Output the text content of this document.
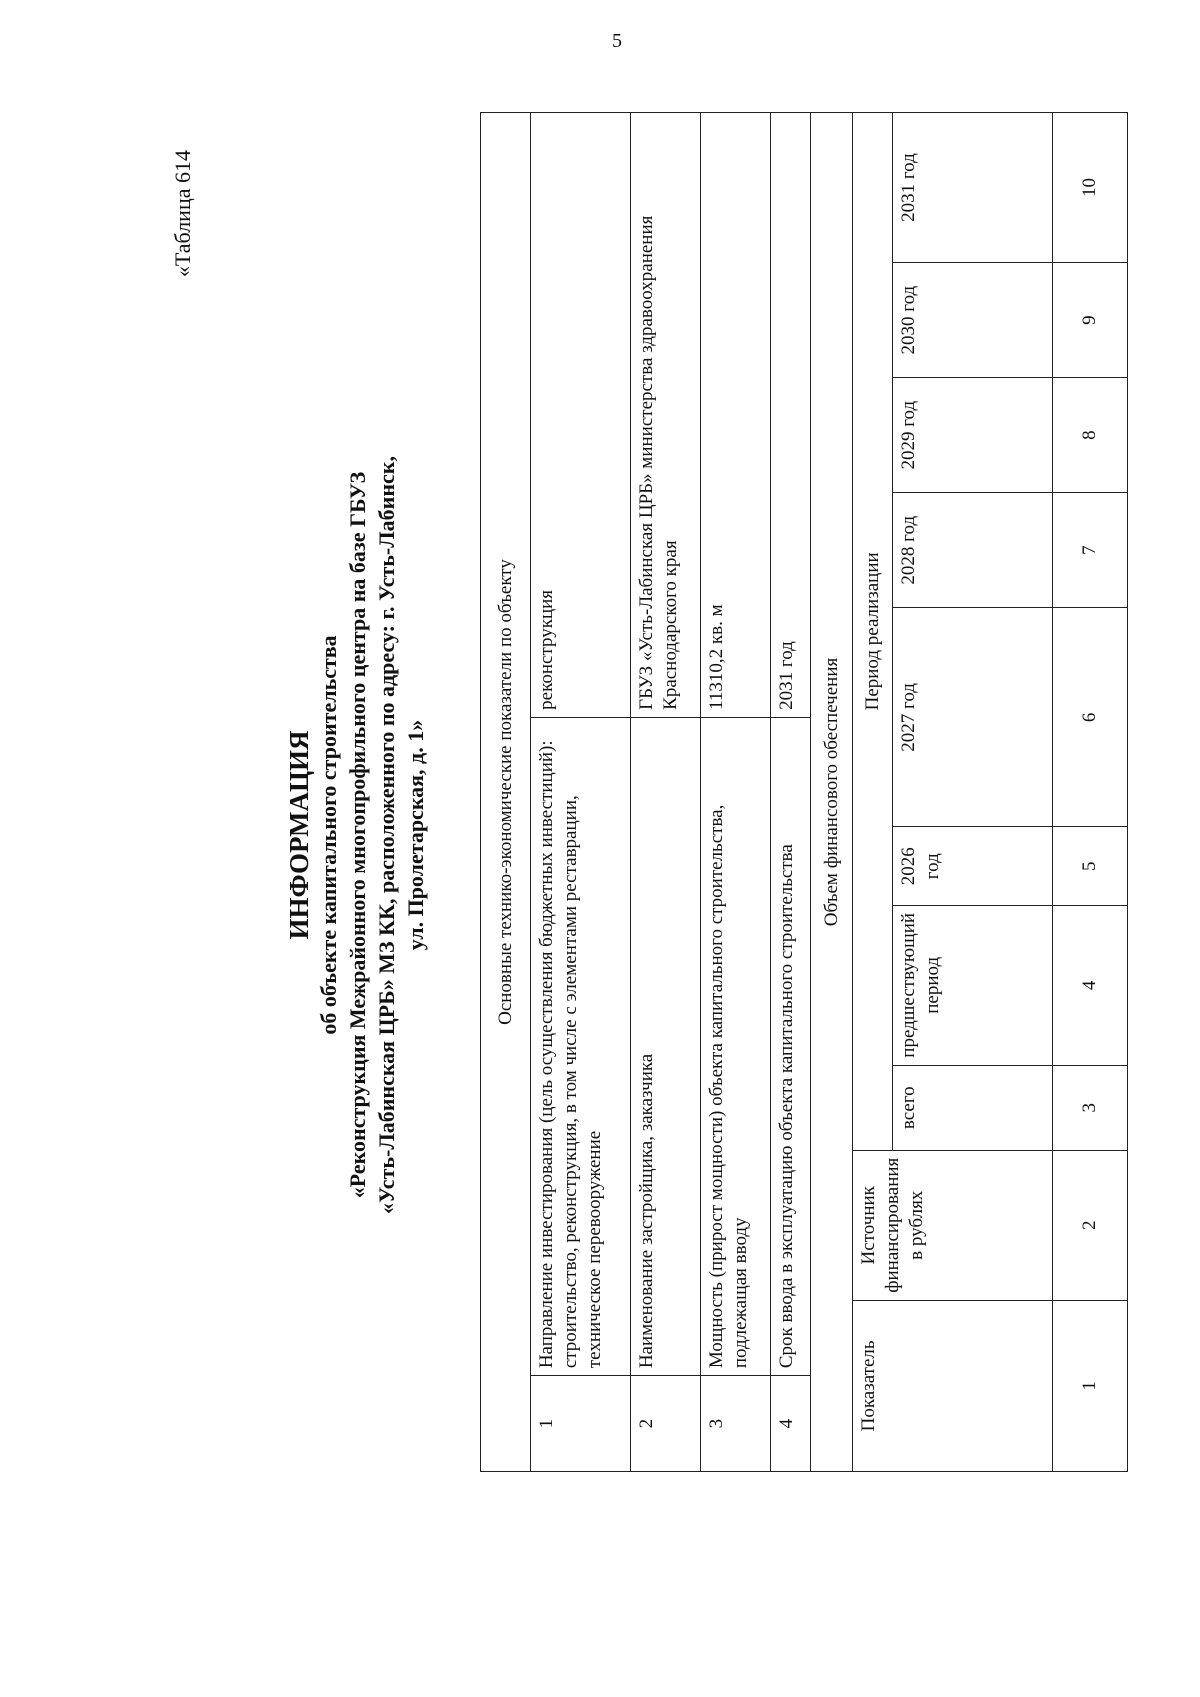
5
«Таблица 614
ИНФОРМАЦИЯ об объекте капитального строительства «Реконструкция Межрайонного многопрофильного центра на базе ГБУЗ «Усть-Лабинская ЦРБ» МЗ КК, расположенного по адресу: г. Усть-Лабинск, ул. Пролетарская, д. 1»	Основные технико-экономические показатели по объекту											
1	Направление инвестирования (цель осуществления бюджетных инвестиций): строительство, реконструкция, в том числе с элементами реставрации, техническое перевооружение						реконструкция				
2	Наименование застройщика, заказчика						ГБУЗ «Усть-Лабинская ЦРБ» министерства здравоохранения Краснодарского края				
3	Мощность (прирост мощности) объекта капитального строительства, подлежащая вводу						11310,2 кв. м				
4	Срок ввода в эксплуатацию объекта капитального строительства						2031 год				
Объем финансового обеспечения											
Показатель		Источник финансирования в рублях	Период реализации								
			всего	предшествующий период	2026 год	2027 год		2028 год	2029 год	2030 год	2031 год
1		2	3	4	5	6		7	8	9	10
